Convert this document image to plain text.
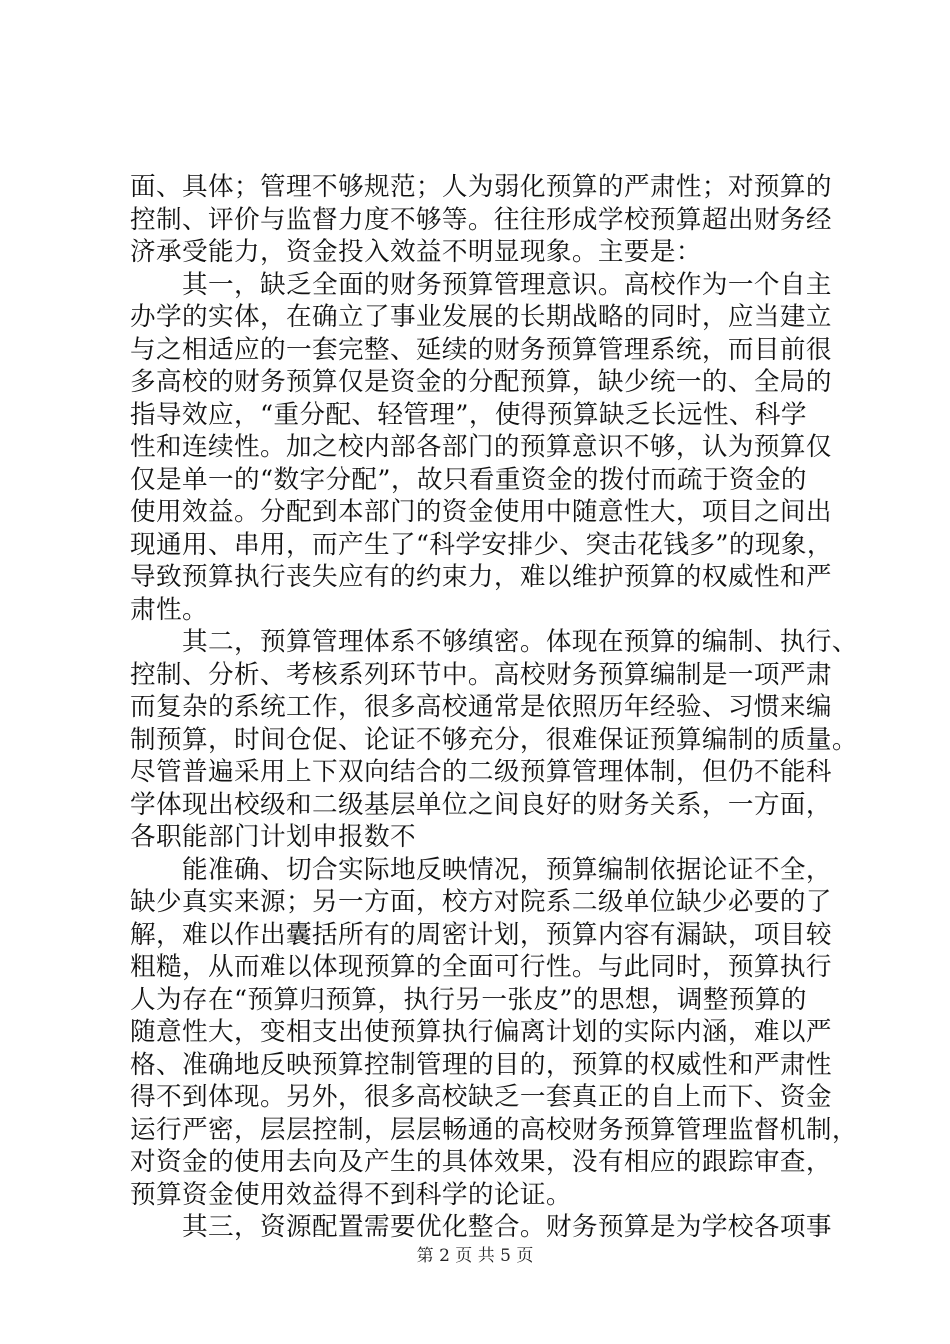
面、具体；管理不够规范；人为弱化预算的严肃性；对预算的
控制、评价与监督力度不够等。往往形成学校预算超出财务经
济承受能力，资金投入效益不明显现象。主要是：
其一，缺乏全面的财务预算管理意识。高校作为一个自主
办学的实体，在确立了事业发展的长期战略的同时，应当建立
与之相适应的一套完整、延续的财务预算管理系统，而目前很
多高校的财务预算仅是资金的分配预算，缺少统一的、全局的
指导效应，“重分配、轻管理”，使得预算缺乏长远性、科学
性和连续性。加之校内部各部门的预算意识不够，认为预算仅
仅是单一的“数字分配”，故只看重资金的拨付而疏于资金的
使用效益。分配到本部门的资金使用中随意性大，项目之间出
现通用、串用，而产生了“科学安排少、突击花钱多”的现象，
导致预算执行丧失应有的约束力，难以维护预算的权威性和严
肃性。
其二，预算管理体系不够缜密。体现在预算的编制、执行、
控制、分析、考核系列环节中。高校财务预算编制是一项严肃
而复杂的系统工作，很多高校通常是依照历年经验、习惯来编
制预算，时间仓促、论证不够充分，很难保证预算编制的质量。
尽管普遍采用上下双向结合的二级预算管理体制，但仍不能科
学体现出校级和二级基层单位之间良好的财务关系，一方面，
各职能部门计划申报数不
能准确、切合实际地反映情况，预算编制依据论证不全，
缺少真实来源；另一方面，校方对院系二级单位缺少必要的了
解，难以作出囊括所有的周密计划，预算内容有漏缺，项目较
粗糙，从而难以体现预算的全面可行性。与此同时，预算执行
人为存在“预算归预算，执行另一张皮”的思想，调整预算的
随意性大，变相支出使预算执行偏离计划的实际内涵，难以严
格、准确地反映预算控制管理的目的，预算的权威性和严肃性
得不到体现。另外，很多高校缺乏一套真正的自上而下、资金
运行严密，层层控制，层层畅通的高校财务预算管理监督机制，
对资金的使用去向及产生的具体效果，没有相应的跟踪审查，
预算资金使用效益得不到科学的论证。
其三，资源配置需要优化整合。财务预算是为学校各项事
第 2 页 共 5 页
